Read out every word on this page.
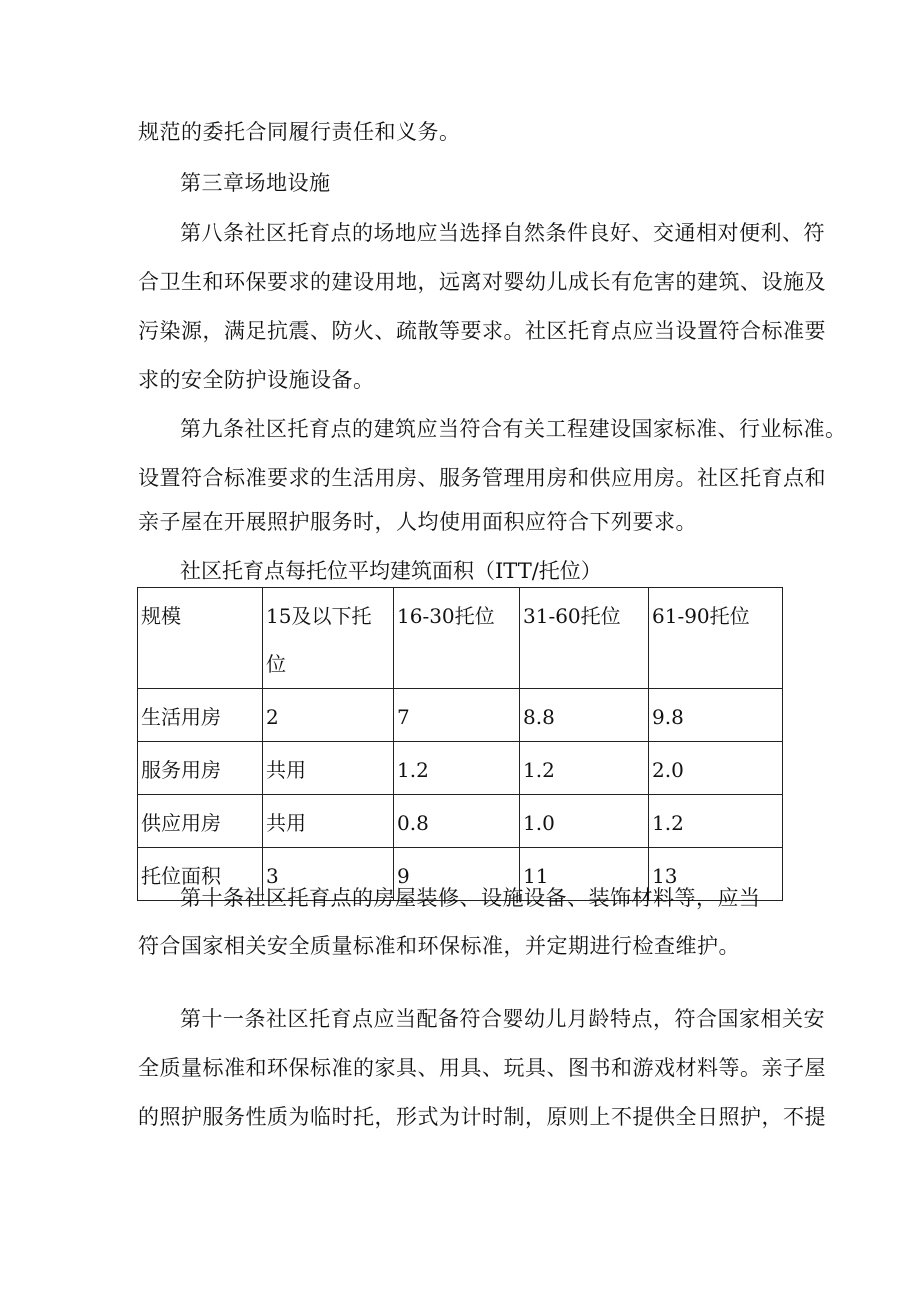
规范的委托合同履行责任和义务。
第三章场地设施
第八条社区托育点的场地应当选择自然条件良好、交通相对便利、符
合卫生和环保要求的建设用地，远离对婴幼儿成长有危害的建筑、设施及
污染源，满足抗震、防火、疏散等要求。社区托育点应当设置符合标准要
求的安全防护设施设备。
第九条社区托育点的建筑应当符合有关工程建设国家标准、行业标准。
设置符合标准要求的生活用房、服务管理用房和供应用房。社区托育点和
亲子屋在开展照护服务时，人均使用面积应符合下列要求。
社区托育点每托位平均建筑面积（ITT/托位）
规模	15及以下托位	16-30托位	31-60托位	61-90托位
生活用房	2	7	8.8	9.8
服务用房	共用	1.2	1.2	2.0
供应用房	共用	0.8	1.0	1.2
托位面积	3	9	11	13
第十条社区托育点的房屋装修、设施设备、装饰材料等，应当
符合国家相关安全质量标准和环保标准，并定期进行检查维护。
第十一条社区托育点应当配备符合婴幼儿月龄特点，符合国家相关安
全质量标准和环保标准的家具、用具、玩具、图书和游戏材料等。亲子屋
的照护服务性质为临时托，形式为计时制，原则上不提供全日照护，不提
